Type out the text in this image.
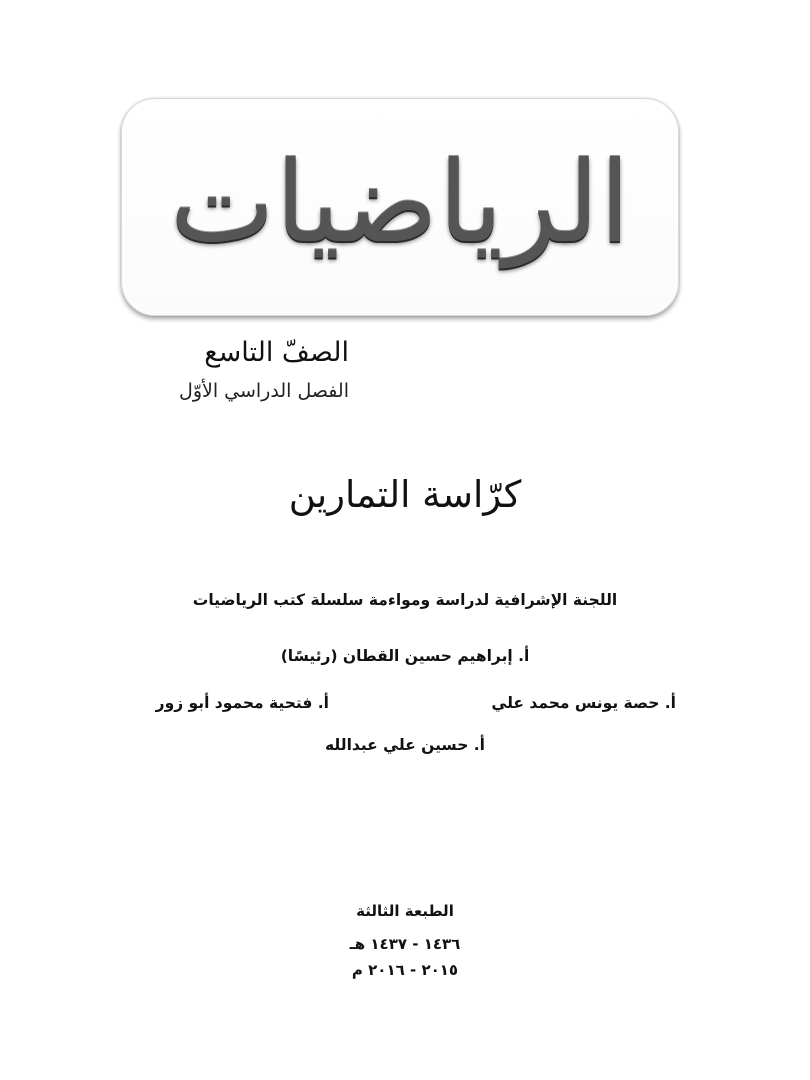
الرياضيات
الصفّ التاسع
الفصل الدراسي الأوّل
كرّاسة التمارين
اللجنة الإشرافية لدراسة ومواءمة سلسلة كتب الرياضيات
أ. إبراهيم حسين القطان (رئيسًا)
أ. حصة يونس محمد علي
أ. فتحية محمود أبو زور
أ. حسين علي عبدالله
الطبعة الثالثة
١٤٣٦ - ١٤٣٧ هـ
٢٠١٥ - ٢٠١٦ م
